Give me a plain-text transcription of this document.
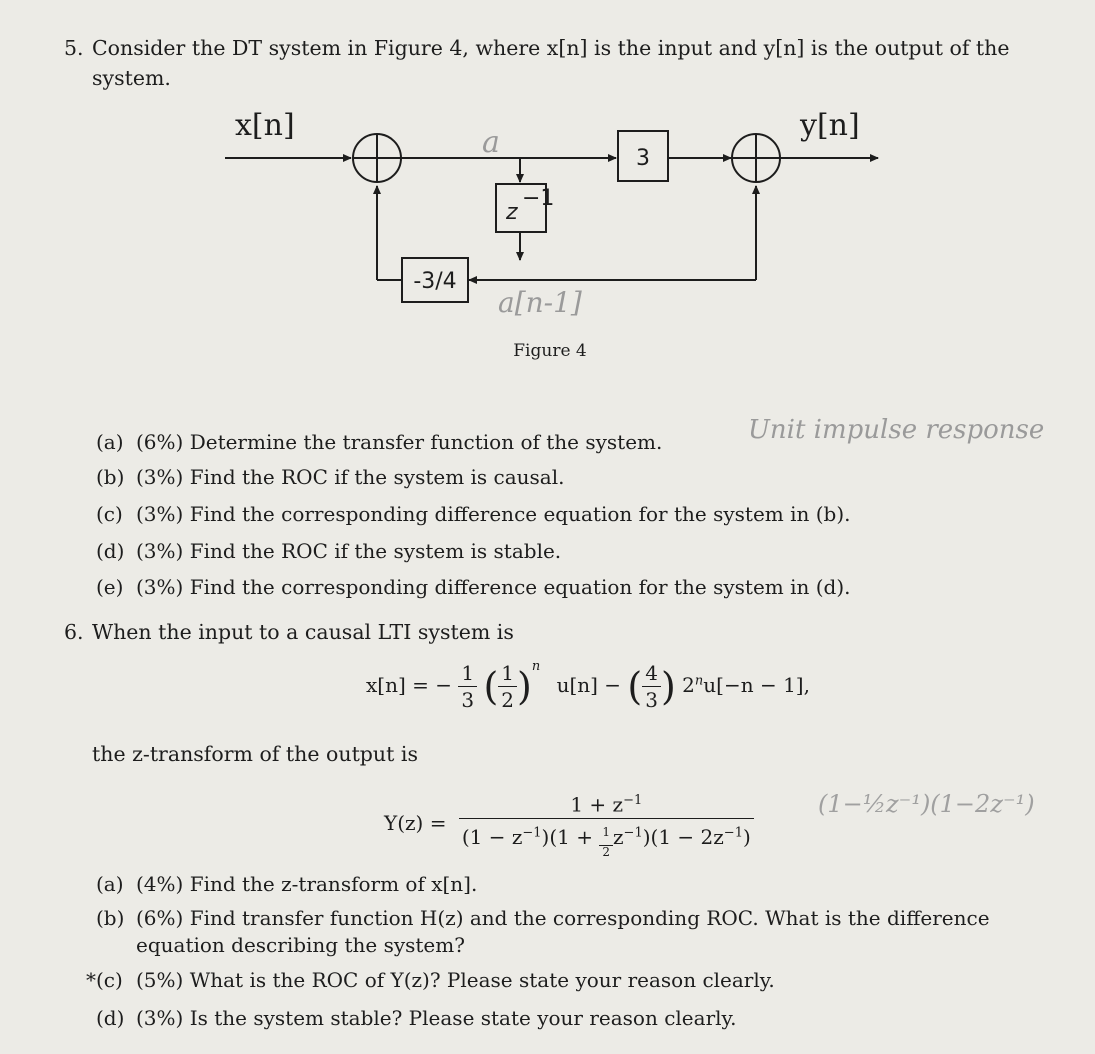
5. Consider the DT system in Figure 4, where x[n] is the input and y[n] is the output of the
system.
x[n]	y[n]
3
z
−1
-3/4
Figure 4
a
a[n-1]
Unit impulse response
(a) (6%) Determine the transfer function of the system.
(b) (3%) Find the ROC if the system is causal.
(c) (3%) Find the corresponding difference equation for the system in (b).
(d) (3%) Find the ROC if the system is stable.
(e) (3%) Find the corresponding difference equation for the system in (d).
6. When the input to a causal LTI system is
x[n] = − $\frac{1}{3}$ ( $\frac{1}{2} )^n$ u[n] − ( $\frac{4}{3}$ ) $2^nu[-n - 1]$,
the z-transform of the output is
$Y(z) = \frac{1 + z^{-1}}{(1 - z^{-1})(1 + \frac{1}{2} z^{-1})(1 - 2z^{-1})}$	(1−½z⁻¹)(1−2z⁻¹)
(a) (4%) Find the z-transform of x[n].
(b) (6%) Find transfer function H(z) and the corresponding ROC. What is the difference
equation describing the system?
*(c) (5%) What is the ROC of Y(z)? Please state your reason clearly.
(d) (3%) Is the system stable? Please state your reason clearly.
